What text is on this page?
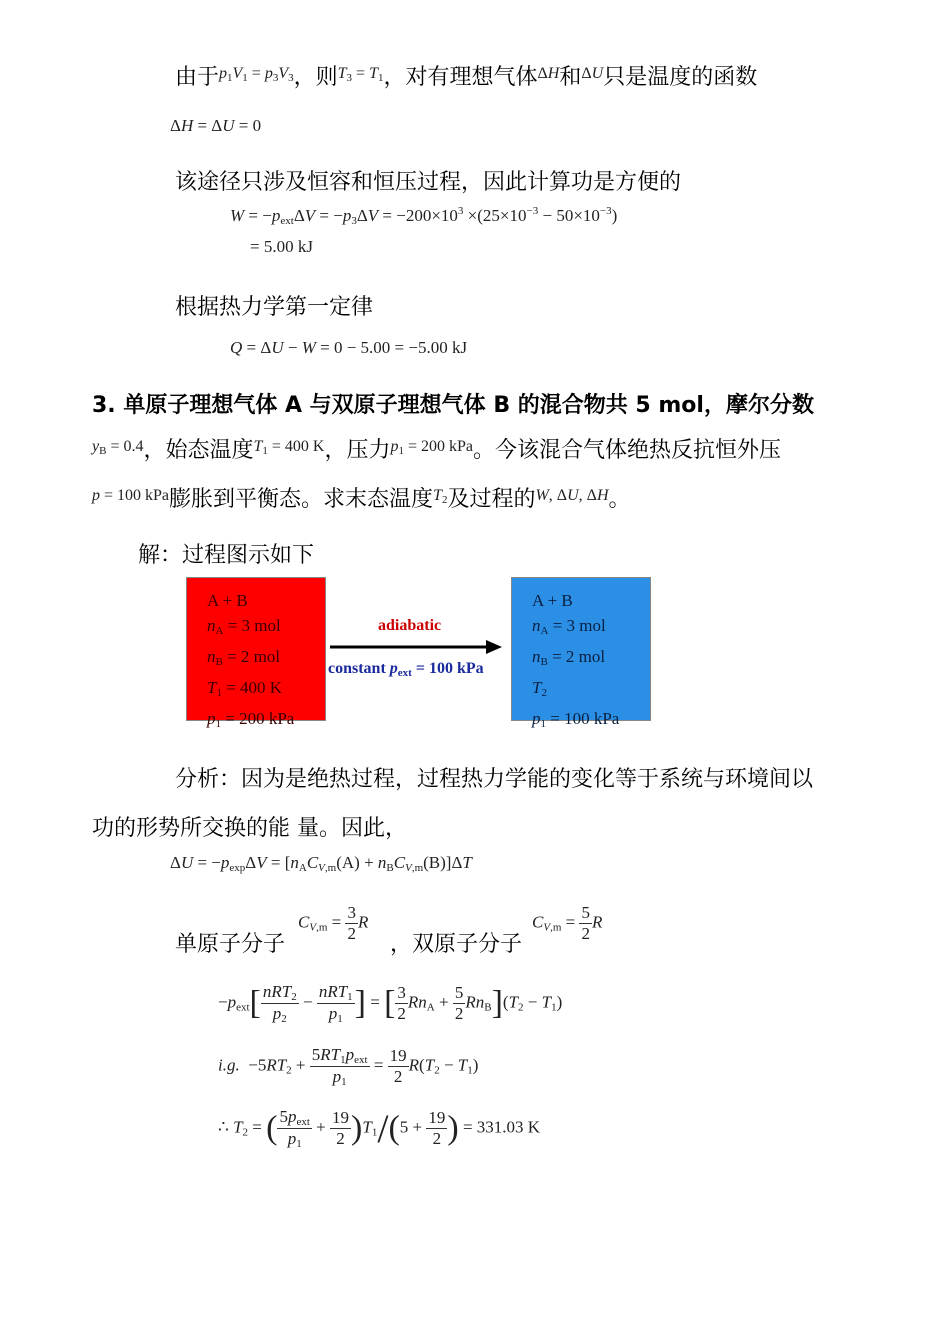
由于$^{p_1V_1 = p_3V_3}$，则$^{T_3 = T_1}$，对有理想气体$^{\Delta H}$和$^{\Delta U}$只是温度的函数
ΔH = ΔU = 0
该途径只涉及恒容和恒压过程，因此计算功是方便的
$W = -p_{ext}\Delta V = -p_3\Delta V = -200\times 10^3 \times(25\times 10^{-3} - 50\times 10^{-3})$
= 5.00 kJ
根据热力学第一定律
Q = ΔU − W = 0 − 5.00 = −5.00 kJ
3. 单原子理想气体 A 与双原子理想气体 B 的混合物共 5 mol，摩尔分数
$^{y_B = 0.4}$，始态温度$^{T_1 = 400 K}$，压力$^{p_1 = 200 kPa}$。今该混合气体绝热反抗恒外压
$^{p = 100 kPa}$膨胀到平衡态。求末态温度$^{T_2}$及过程的$^{W, \Delta U, \Delta H}$。
解：过程图示如下
A + B
$n_A = 3$ mol
$n_B = 2$ mol
$T_1 = 400$ K
$p_1 = 200$ kPa
adiabatic
constant $p_{ext} = 100$ kPa
A + B
$n_A = 3$ mol
$n_B = 2$ mol
$T_2$
$p_1 = 100$ kPa
分析：因为是绝热过程，过程热力学能的变化等于系统与环境间以
功的形势所交换的能 量。因此，
$\Delta U = -p_{exp}\Delta V = [n_AC_{V,m}(A) + n_BC_{V,m}(B)]\Delta T$
单原子分子
$C_{V,m} = \frac{3}{2}$ R
，双原子分子
$C_{V,m} = \frac{5}{2}$ R
$-p_{ext}[ \frac{nRT_2}{p_2} - \frac{nRT_1}{p_1}$ ] = [ $\frac{3}{2} Rn_A + \frac{5}{2} Rn_B](T_2 - T_1)$
i.g.  $-5RT_2 + \frac{5RT_1p_{ext}}{p_1} = \frac{19}{2} R(T_2 - T_1)$
∴ $T_2$ = ( $\frac{5p_{ext}}{p_1} + \frac{19}{2} )T_1/(5 + \frac{19}{2}$ ) = 331.03 K
